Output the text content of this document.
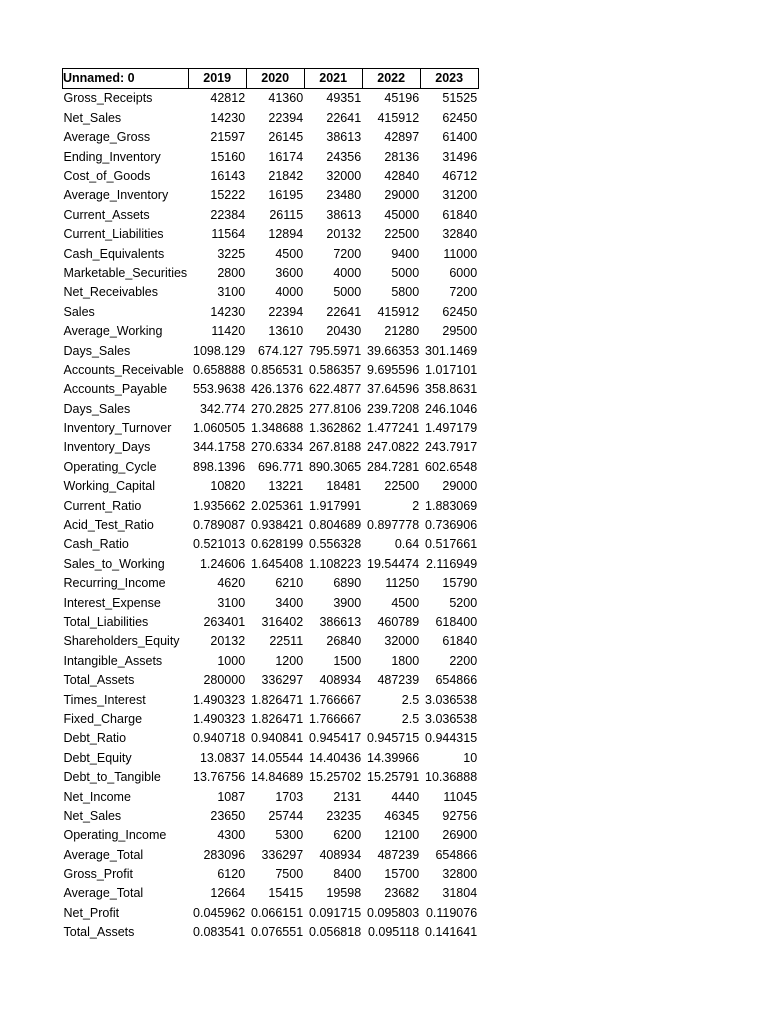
Unnamed: 0	2019	2020	2021	2022	2023
Gross_Receipts	42812	41360	49351	45196	51525
Net_Sales	14230	22394	22641	415912	62450
Average_Gross	21597	26145	38613	42897	61400
Ending_Inventory	15160	16174	24356	28136	31496
Cost_of_Goods	16143	21842	32000	42840	46712
Average_Inventory	15222	16195	23480	29000	31200
Current_Assets	22384	26115	38613	45000	61840
Current_Liabilities	11564	12894	20132	22500	32840
Cash_Equivalents	3225	4500	7200	9400	11000
Marketable_Securities	2800	3600	4000	5000	6000
Net_Receivables	3100	4000	5000	5800	7200
Sales	14230	22394	22641	415912	62450
Average_Working	11420	13610	20430	21280	29500
Days_Sales	1098.129	674.127	795.5971	39.66353	301.1469
Accounts_Receivable	0.658888	0.856531	0.586357	9.695596	1.017101
Accounts_Payable	553.9638	426.1376	622.4877	37.64596	358.8631
Days_Sales	342.774	270.2825	277.8106	239.7208	246.1046
Inventory_Turnover	1.060505	1.348688	1.362862	1.477241	1.497179
Inventory_Days	344.1758	270.6334	267.8188	247.0822	243.7917
Operating_Cycle	898.1396	696.771	890.3065	284.7281	602.6548
Working_Capital	10820	13221	18481	22500	29000
Current_Ratio	1.935662	2.025361	1.917991	2	1.883069
Acid_Test_Ratio	0.789087	0.938421	0.804689	0.897778	0.736906
Cash_Ratio	0.521013	0.628199	0.556328	0.64	0.517661
Sales_to_Working	1.24606	1.645408	1.108223	19.54474	2.116949
Recurring_Income	4620	6210	6890	11250	15790
Interest_Expense	3100	3400	3900	4500	5200
Total_Liabilities	263401	316402	386613	460789	618400
Shareholders_Equity	20132	22511	26840	32000	61840
Intangible_Assets	1000	1200	1500	1800	2200
Total_Assets	280000	336297	408934	487239	654866
Times_Interest	1.490323	1.826471	1.766667	2.5	3.036538
Fixed_Charge	1.490323	1.826471	1.766667	2.5	3.036538
Debt_Ratio	0.940718	0.940841	0.945417	0.945715	0.944315
Debt_Equity	13.0837	14.05544	14.40436	14.39966	10
Debt_to_Tangible	13.76756	14.84689	15.25702	15.25791	10.36888
Net_Income	1087	1703	2131	4440	11045
Net_Sales	23650	25744	23235	46345	92756
Operating_Income	4300	5300	6200	12100	26900
Average_Total	283096	336297	408934	487239	654866
Gross_Profit	6120	7500	8400	15700	32800
Average_Total	12664	15415	19598	23682	31804
Net_Profit	0.045962	0.066151	0.091715	0.095803	0.119076
Total_Assets	0.083541	0.076551	0.056818	0.095118	0.141641
